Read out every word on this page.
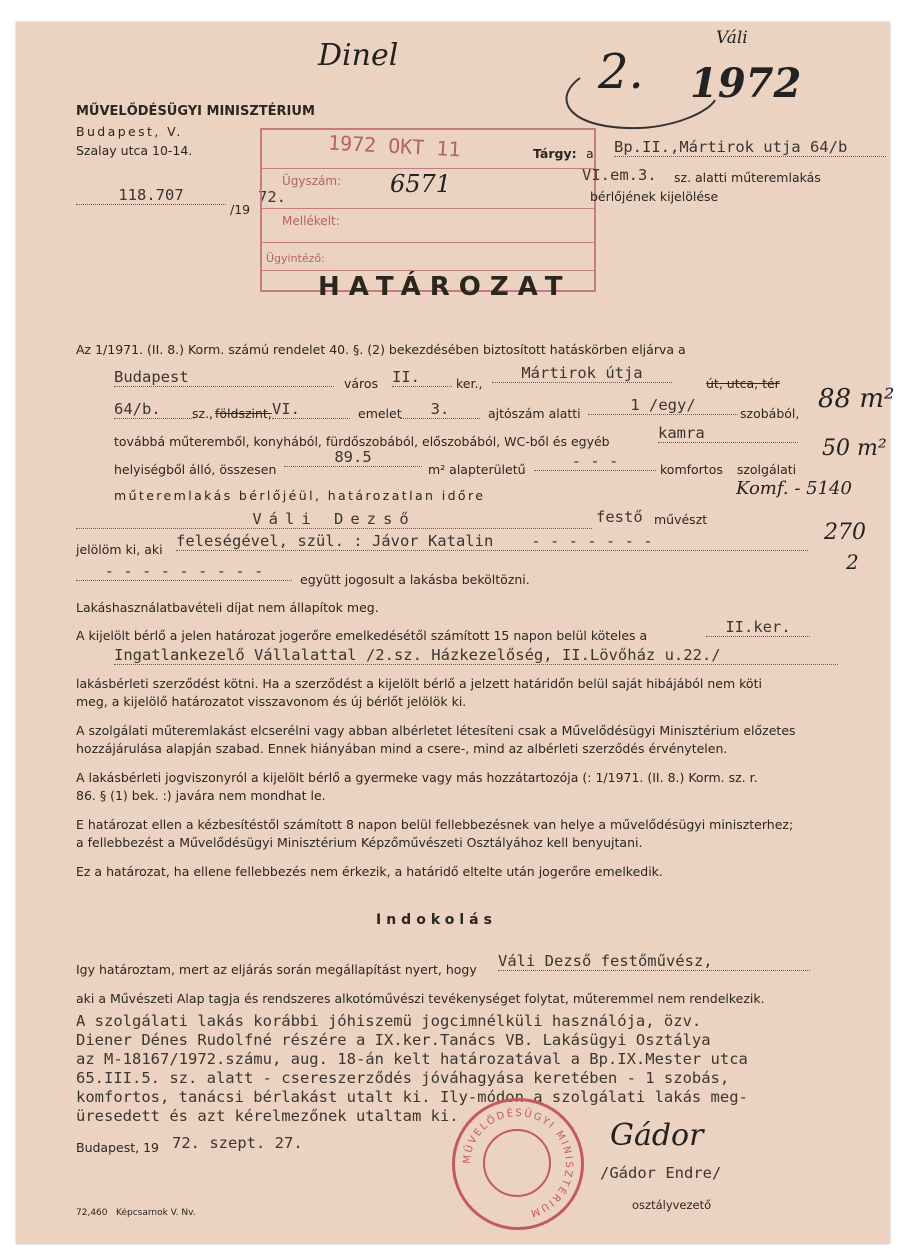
Dinel	Váli
2. 1972
MŰVELŐDÉSÜGYI MINISZTÉRIUM
Budapest, V.
Szalay utca 10-14.
118.707
/19
72.
1972 OKT 11
Ügyszám: 6571
Mellékelt:
Ügyintéző:
Tárgy: a Bp.II.,Mártirok utja 64/b
VI.em.3. sz. alatti műteremlakás
bérlőjének kijelölése
HATÁROZAT
Az 1/1971. (II. 8.) Korm. számú rendelet 40. §. (2) bekezdésében biztosított hatáskörben eljárva a
Budapest	város II.	ker.,
Mártirok útja
út, utca, tér
64/b.	sz., földszint, VI.	emelet	3.	ajtószám alatti	1 /egy/	szobából,
továbbá műteremből, konyhából, fürdőszobából, előszobából, WC-ből és egyéb	kamra
helyiségből álló, összesen
89.5
m² alapterületű	- - -	komfortos szolgálati
műteremlakás bérlőjéül, határozatlan időre
Váli Dezső	festő művészt
jelölöm ki, aki feleségével, szül. : Jávor Katalin - - - - - - -
- - - - - - - - -	együtt jogosult a lakásba beköltözni.
Lakáshasználatbavételi díjat nem állapítok meg.
A kijelölt bérlő a jelen határozat jogerőre emelkedésétől számított 15 napon belül köteles a	II.ker.
Ingatlankezelő Vállalattal /2.sz. Házkezelőség, II.Lövőház u.22./
lakásbérleti szerződést kötni. Ha a szerződést a kijelölt bérlő a jelzett határidőn belül saját hibájából nem köti
meg, a kijelölő határozatot visszavonom és új bérlőt jelölök ki.
A szolgálati műteremlakást elcserélni vagy abban albérletet létesíteni csak a Művelődésügyi Minisztérium előzetes
hozzájárulása alapján szabad. Ennek hiányában mind a csere-, mind az albérleti szerződés érvénytelen.
A lakásbérleti jogviszonyról a kijelölt bérlő a gyermeke vagy más hozzátartozója (: 1/1971. (II. 8.) Korm. sz. r.
86. § (1) bek. :) javára nem mondhat le.
E határozat ellen a kézbesítéstől számított 8 napon belül fellebbezésnek van helye a művelődésügyi miniszterhez;
a fellebbezést a Művelődésügyi Minisztérium Képzőművészeti Osztályához kell benyujtani.
Ez a határozat, ha ellene fellebbezés nem érkezik, a határidő eltelte után jogerőre emelkedik.
Indokolás
Igy határoztam, mert az eljárás során megállapítást nyert, hogy Váli Dezső festőművész,
aki a Művészeti Alap tagja és rendszeres alkotóművészi tevékenységet folytat, műteremmel nem rendelkezik.
A szolgálati lakás korábbi jóhiszemü jogcimnélküli használója, özv.
Diener Dénes Rudolfné részére a IX.ker.Tanács VB. Lakásügyi Osztálya
az M-18167/1972.számu, aug. 18-án kelt határozatával a Bp.IX.Mester utca
65.III.5. sz. alatt - csereszerződés jóváhagyása keretében - 1 szobás,
komfortos, tanácsi bérlakást utalt ki. Ily-módon a szolgálati lakás meg-
üresedett és azt kérelmezőnek utaltam ki.
Budapest, 19 72. szept. 27.
MŰVELŐDÉSÜGYI MINISZTÉRIUM
Gádor
/Gádor Endre/
osztályvezető
72,460 Képcsarnok V. Nv.
88 m²
50 m²
Komf. - 5140
270
2
